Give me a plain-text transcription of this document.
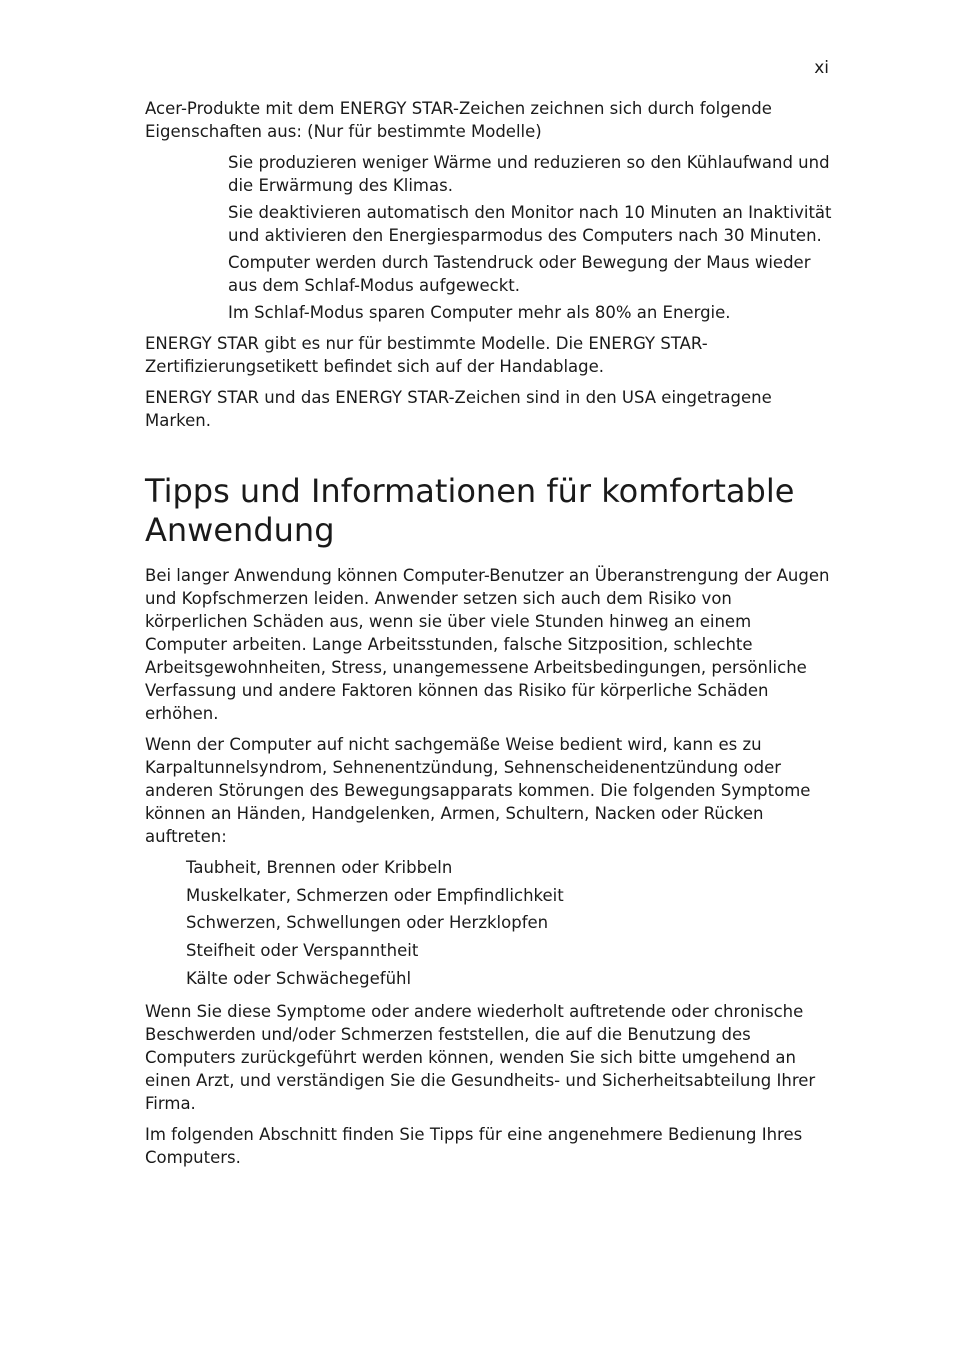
xi

Acer-Produkte mit dem ENERGY STAR-Zeichen zeichnen sich durch folgende Eigenschaften aus: (Nur für bestimmte Modelle)

Sie produzieren weniger Wärme und reduzieren so den Kühlaufwand und die Erwärmung des Klimas.
Sie deaktivieren automatisch den Monitor nach 10 Minuten an Inaktivität und aktivieren den Energiesparmodus des Computers nach 30 Minuten.
Computer werden durch Tastendruck oder Bewegung der Maus wieder aus dem Schlaf-Modus aufgeweckt.
Im Schlaf-Modus sparen Computer mehr als 80% an Energie.

ENERGY STAR gibt es nur für bestimmte Modelle. Die ENERGY STAR-Zertifizierungsetikett befindet sich auf der Handablage.

ENERGY STAR und das ENERGY STAR-Zeichen sind in den USA eingetragene Marken.

Tipps und Informationen für komfortable Anwendung

Bei langer Anwendung können Computer-Benutzer an Überanstrengung der Augen und Kopfschmerzen leiden. Anwender setzen sich auch dem Risiko von körperlichen Schäden aus, wenn sie über viele Stunden hinweg an einem Computer arbeiten. Lange Arbeitsstunden, falsche Sitzposition, schlechte Arbeitsgewohnheiten, Stress, unangemessene Arbeitsbedingungen, persönliche Verfassung und andere Faktoren können das Risiko für körperliche Schäden erhöhen.

Wenn der Computer auf nicht sachgemäße Weise bedient wird, kann es zu Karpaltunnelsyndrom, Sehnenentzündung, Sehnenscheidenentzündung oder anderen Störungen des Bewegungsapparats kommen. Die folgenden Symptome können an Händen, Handgelenken, Armen, Schultern, Nacken oder Rücken auftreten:

Taubheit, Brennen oder Kribbeln
Muskelkater, Schmerzen oder Empfindlichkeit
Schwerzen, Schwellungen oder Herzklopfen
Steifheit oder Verspanntheit
Kälte oder Schwächegefühl

Wenn Sie diese Symptome oder andere wiederholt auftretende oder chronische Beschwerden und/oder Schmerzen feststellen, die auf die Benutzung des Computers zurückgeführt werden können, wenden Sie sich bitte umgehend an einen Arzt, und verständigen Sie die Gesundheits- und Sicherheitsabteilung Ihrer Firma.

Im folgenden Abschnitt finden Sie Tipps für eine angenehmere Bedienung Ihres Computers.
